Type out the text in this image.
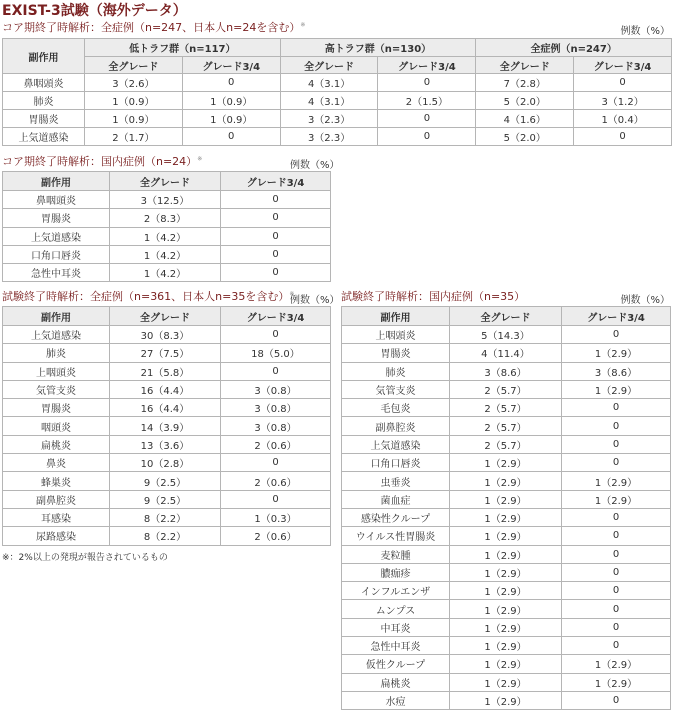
EXIST-3試験（海外データ）
コア期終了時解析：全症例（n=247、日本人n=24を含む）※
例数（%）
副作用	低トラフ群（n=117）		高トラフ群（n=130）		全症例（n=247）	
	全グレード	グレード3/4	全グレード	グレード3/4	全グレード	グレード3/4
鼻咽頭炎	3（2.6）	0	4（3.1）	0	7（2.8）	0
肺炎	1（0.9）	1（0.9）	4（3.1）	2（1.5）	5（2.0）	3（1.2）
胃腸炎	1（0.9）	1（0.9）	3（2.3）	0	4（1.6）	1（0.4）
上気道感染	2（1.7）	0	3（2.3）	0	5（2.0）	0
コア期終了時解析：国内症例（n=24）※
例数（%）
副作用	全グレード	グレード3/4
鼻咽頭炎	3（12.5）	0
胃腸炎	2（8.3）	0
上気道感染	1（4.2）	0
口角口唇炎	1（4.2）	0
急性中耳炎	1（4.2）	0
試験終了時解析：全症例（n=361、日本人n=35を含む）※
例数（%）
副作用	全グレード	グレード3/4
上気道感染	30（8.3）	0
肺炎	27（7.5）	18（5.0）
上咽頭炎	21（5.8）	0
気管支炎	16（4.4）	3（0.8）
胃腸炎	16（4.4）	3（0.8）
咽頭炎	14（3.9）	3（0.8）
扁桃炎	13（3.6）	2（0.6）
鼻炎	10（2.8）	0
蜂巣炎	9（2.5）	2（0.6）
副鼻腔炎	9（2.5）	0
耳感染	8（2.2）	1（0.3）
尿路感染	8（2.2）	2（0.6）
※：2%以上の発現が報告されているもの
試験終了時解析：国内症例（n=35）	例数（%）
副作用	全グレード	グレード3/4
上咽頭炎	5（14.3）	0
胃腸炎	4（11.4）	1（2.9）
肺炎	3（8.6）	3（8.6）
気管支炎	2（5.7）	1（2.9）
毛包炎	2（5.7）	0
副鼻腔炎	2（5.7）	0
上気道感染	2（5.7）	0
口角口唇炎	1（2.9）	0
虫垂炎	1（2.9）	1（2.9）
菌血症	1（2.9）	1（2.9）
感染性クループ	1（2.9）	0
ウイルス性胃腸炎	1（2.9）	0
麦粒腫	1（2.9）	0
膿痂疹	1（2.9）	0
インフルエンザ	1（2.9）	0
ムンプス	1（2.9）	0
中耳炎	1（2.9）	0
急性中耳炎	1（2.9）	0
仮性クループ	1（2.9）	1（2.9）
扁桃炎	1（2.9）	1（2.9）
水痘	1（2.9）	0
